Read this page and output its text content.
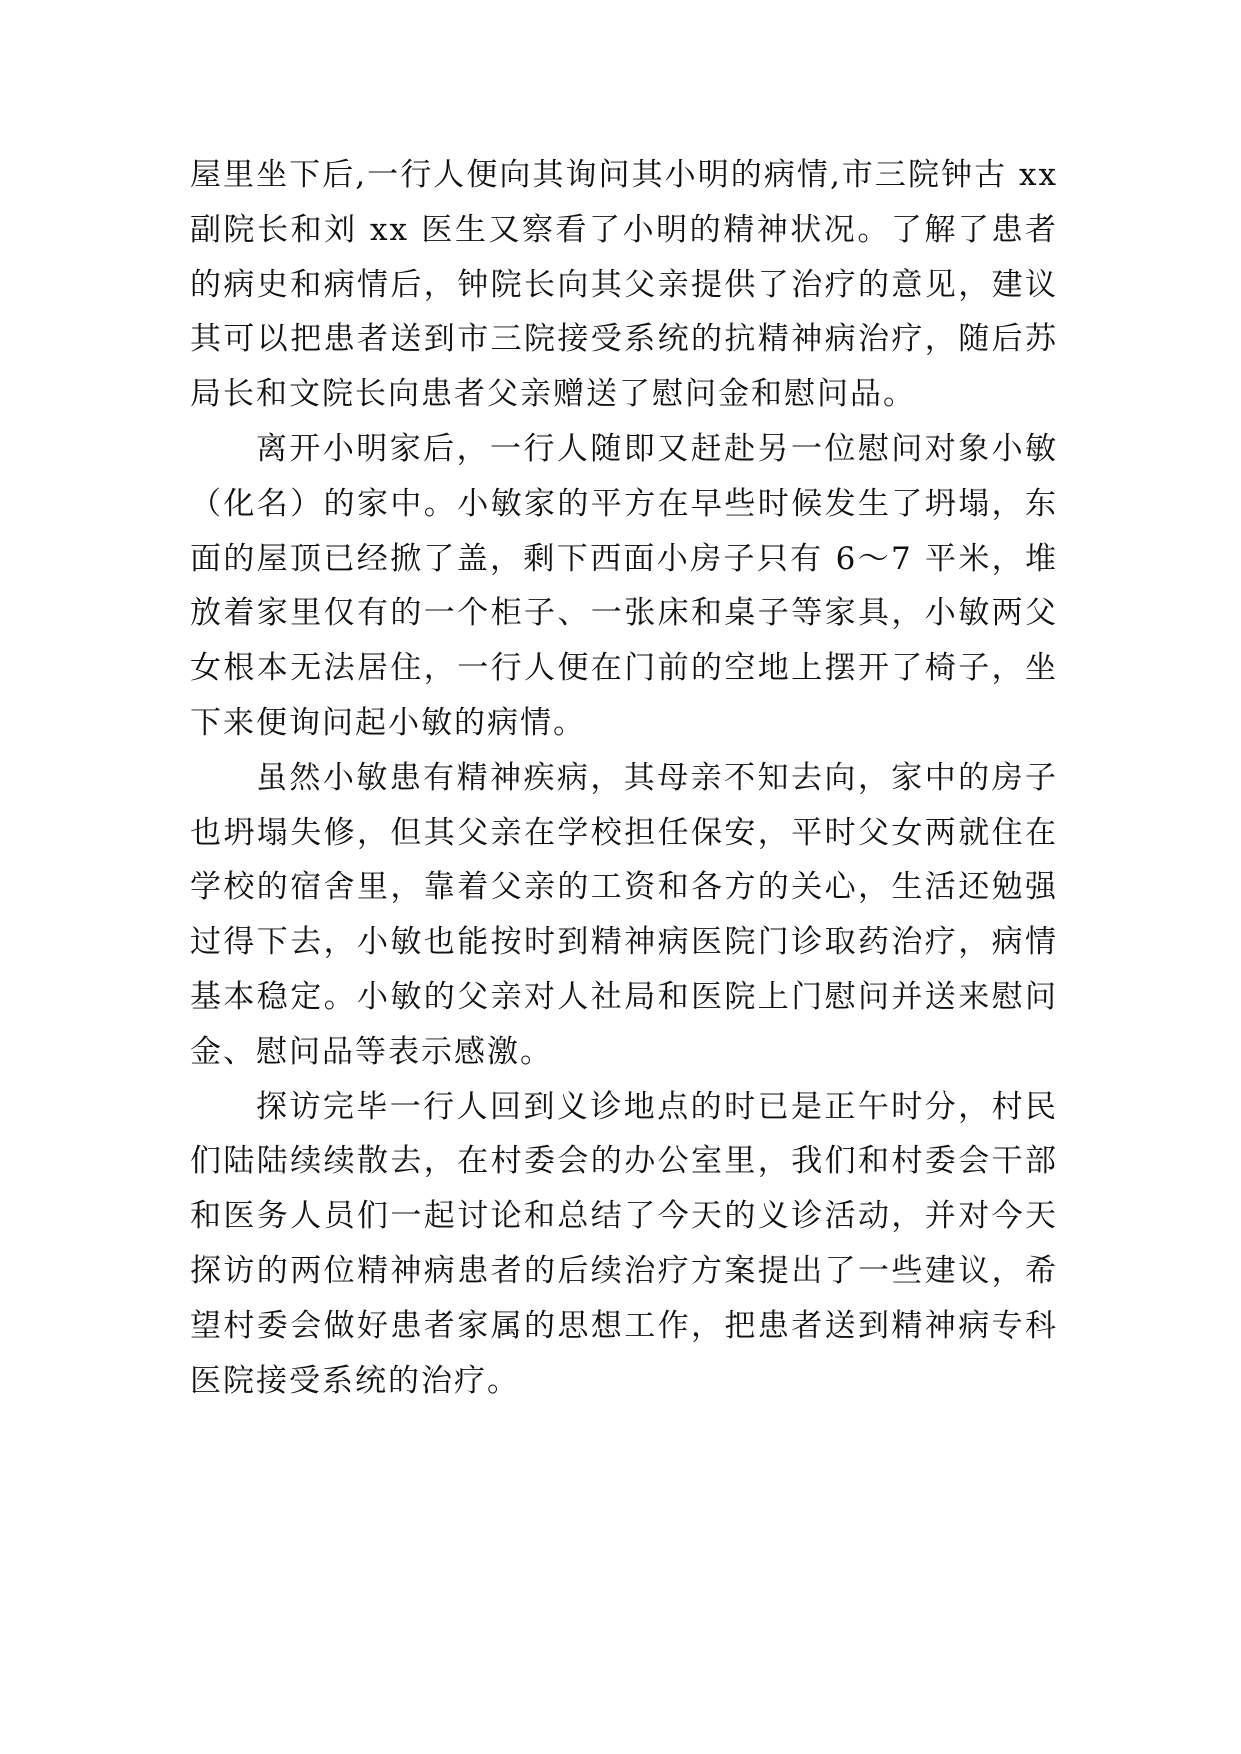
屋里坐下后,一行人便向其询问其小明的病情,市三院钟古 xx 副院长和刘 xx 医生又察看了小明的精神状况。了解了患者的病史和病情后，钟院长向其父亲提供了治疗的意见，建议其可以把患者送到市三院接受系统的抗精神病治疗，随后苏局长和文院长向患者父亲赠送了慰问金和慰问品。

离开小明家后，一行人随即又赶赴另一位慰问对象小敏（化名）的家中。小敏家的平方在早些时候发生了坍塌，东面的屋顶已经掀了盖，剩下西面小房子只有 6～7 平米，堆放着家里仅有的一个柜子、一张床和桌子等家具，小敏两父女根本无法居住，一行人便在门前的空地上摆开了椅子，坐下来便询问起小敏的病情。

虽然小敏患有精神疾病，其母亲不知去向，家中的房子也坍塌失修，但其父亲在学校担任保安，平时父女两就住在学校的宿舍里，靠着父亲的工资和各方的关心，生活还勉强过得下去，小敏也能按时到精神病医院门诊取药治疗，病情基本稳定。小敏的父亲对人社局和医院上门慰问并送来慰问金、慰问品等表示感激。

探访完毕一行人回到义诊地点的时已是正午时分，村民们陆陆续续散去，在村委会的办公室里，我们和村委会干部和医务人员们一起讨论和总结了今天的义诊活动，并对今天探访的两位精神病患者的后续治疗方案提出了一些建议，希望村委会做好患者家属的思想工作，把患者送到精神病专科医院接受系统的治疗。
